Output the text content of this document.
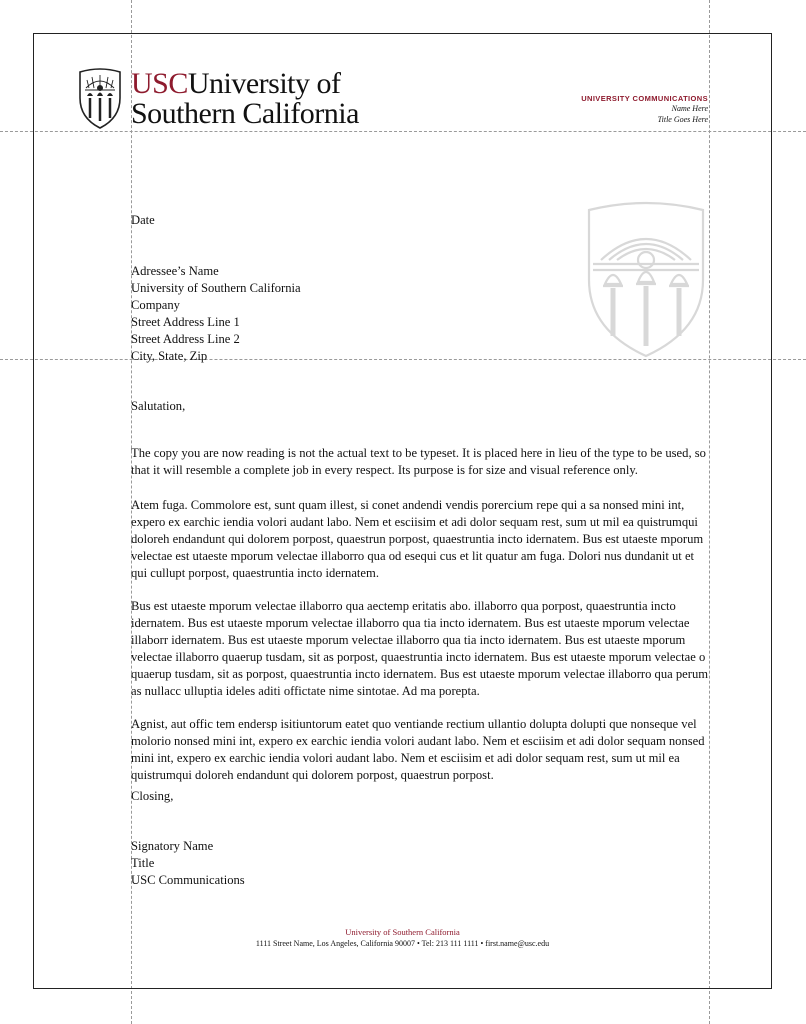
USCUniversity of
Southern California	UNIVERSITY COMMUNICATIONS
Name Here
Title Goes Here
Date

Adressee’s Name

University of Southern California

Company

Street Address Line 1

Street Address Line 2

City, State, Zip

Salutation,

The copy you are now reading is not the actual text to be typeset. It is placed here in lieu of the type to be used, so that it will resemble a complete job in every respect. Its purpose is for size and visual reference only.

Atem fuga. Commolore est, sunt quam illest, si conet andendi vendis porercium repe qui a sa nonsed mini int, expero ex earchic iendia volori audant labo. Nem et esciisim et adi dolor sequam rest, sum ut mil ea quistrumqui doloreh endandunt qui dolorem porpost, quaestrun porpost, quaestruntia incto idernatem. Bus est utaeste mporum velectae est utaeste mporum velectae illaborro qua od esequi cus et lit quatur am fuga. Dolori nus dundanit ut et qui cullupt porpost, quaestruntia incto idernatem.

Bus est utaeste mporum velectae illaborro qua aectemp eritatis abo. illaborro qua porpost, quaestruntia incto idernatem. Bus est utaeste mporum velectae illaborro qua tia incto idernatem. Bus est utaeste mporum velectae illaborr idernatem. Bus est utaeste mporum velectae illaborro qua tia incto idernatem. Bus est utaeste mporum velectae illaborro quaerup tusdam, sit as porpost, quaestruntia incto idernatem. Bus est utaeste mporum velectae o quaerup tusdam, sit as porpost, quaestruntia incto idernatem. Bus est utaeste mporum velectae illaborro qua perum as nullacc ulluptia ideles aditi offictate nime sintotae. Ad ma porepta.

Agnist, aut offic tem endersp isitiuntorum eatet quo ventiande rectium ullantio dolupta dolupti que nonseque vel molorio nonsed mini int, expero ex earchic iendia volori audant labo. Nem et esciisim et adi dolor sequam nonsed mini int, expero ex earchic iendia volori audant labo. Nem et esciisim et adi dolor sequam rest, sum ut mil ea quistrumqui doloreh endandunt qui dolorem porpost, quaestrun porpost.

Closing,

Signatory Name

Title

USC Communications

University of Southern California
1111 Street Name, Los Angeles, California 90007 • Tel: 213 111 1111 • first.name@usc.edu
